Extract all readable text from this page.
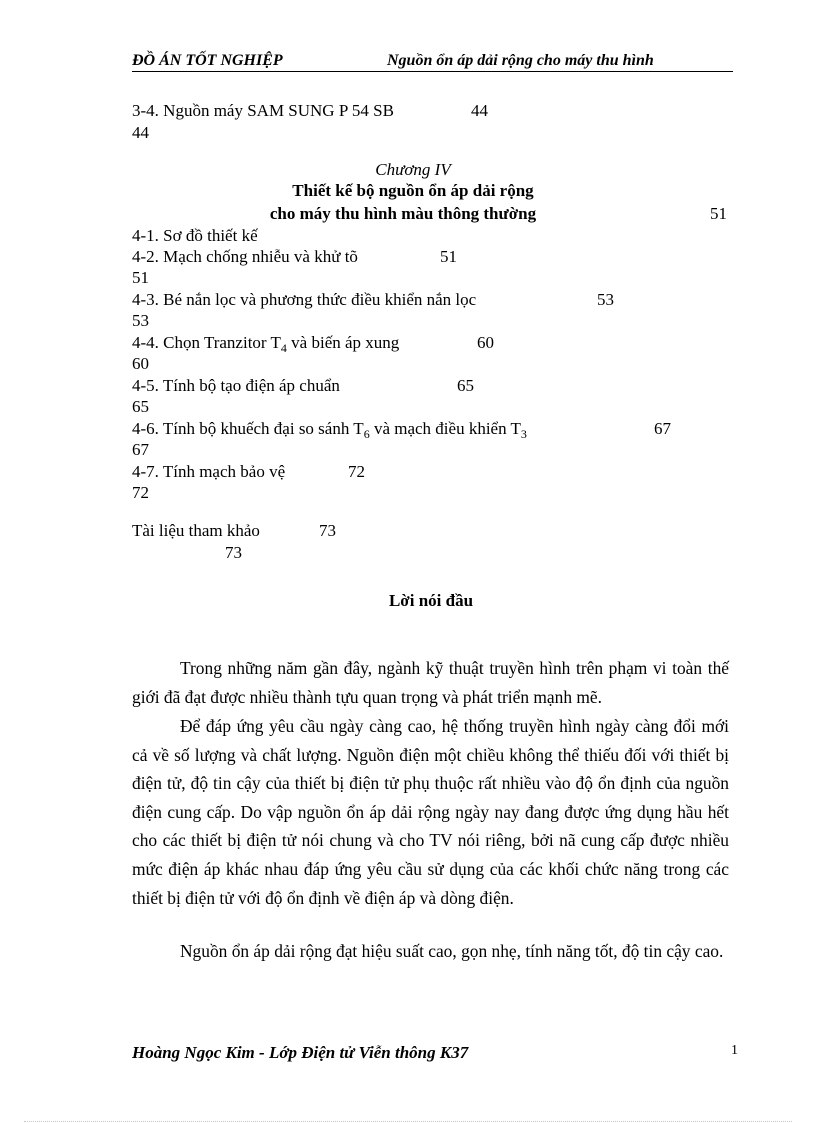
ĐỒ ÁN TỐT NGHIỆP	Nguồn ổn áp dải rộng cho máy thu hình
3-4. Nguồn máy SAM SUNG P 54 SB	44
44
Chương IV
Thiết kế bộ nguồn ổn áp dải rộng
cho máy thu hình màu thông thường	51
4-1. Sơ đồ thiết kế
4-2. Mạch chống nhiễu và khử tõ	51
51
4-3. Bé nắn lọc và phương thức điều khiển nắn lọc	53
53
4-4. Chọn Tranzitor $T_4$ và biến áp xung	60
60
4-5. Tính bộ tạo điện áp chuẩn	65
65
4-6. Tính bộ khuếch đại so sánh $T_6$ và mạch điều khiển $T_3$	67
67
4-7. Tính mạch bảo vệ	72
72
Tài liệu tham khảo	73
73
Lời nói đầu
Trong những năm gần đây, ngành kỹ thuật truyền hình trên phạm vi toàn thế giới đã đạt được nhiều thành tựu quan trọng và phát triển mạnh mẽ.
Để đáp ứng yêu cầu ngày càng cao, hệ thống truyền hình ngày càng đổi mới cả về số lượng và chất lượng. Nguồn điện một chiều không thể thiếu đối với thiết bị điện tử, độ tin cậy của thiết bị điện tử phụ thuộc rất nhiều vào độ ổn định của nguồn điện cung cấp. Do vập nguồn ổn áp dải rộng ngày nay đang được ứng dụng hầu hết cho các thiết bị điện tử nói chung và cho TV nói riêng, bởi nã cung cấp được nhiều mức điện áp khác nhau đáp ứng yêu cầu sử dụng của các khối chức năng trong các thiết bị điện tử với độ ổn định về điện áp và dòng điện.
Nguồn ổn áp dải rộng đạt hiệu suất cao, gọn nhẹ, tính năng tốt, độ tin cậy cao.
Hoàng Ngọc Kim - Lớp Điện tử Viễn thông K37	1
